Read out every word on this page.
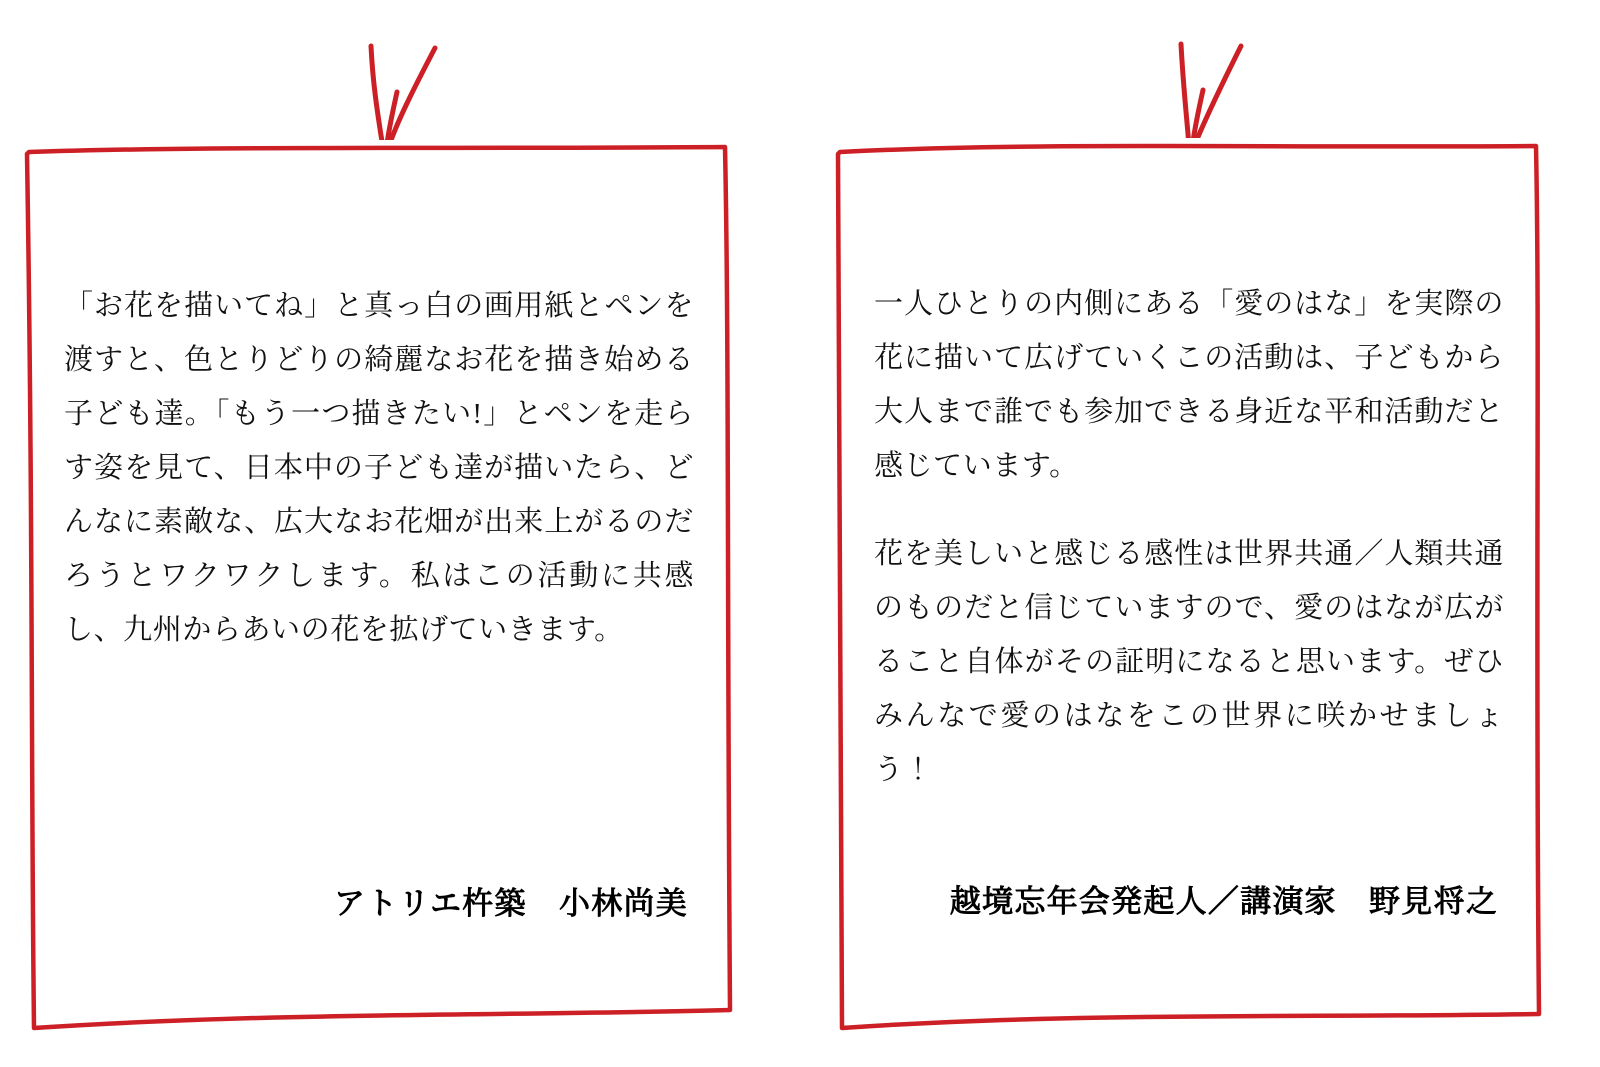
「お花を描いてね」と真っ白の画用紙とペンを渡すと、色とりどりの綺麗なお花を描き始める子ども達。「もう一つ描きたい!」とペンを走らす姿を見て、日本中の子ども達が描いたら、どんなに素敵な、広大なお花畑が出来上がるのだろうとワクワクします。私はこの活動に共感し、九州からあいの花を拡げていきます。

アトリエ杵築　小林尚美

一人ひとりの内側にある「愛のはな」を実際の花に描いて広げていくこの活動は、子どもから大人まで誰でも参加できる身近な平和活動だと感じています。

花を美しいと感じる感性は世界共通／人類共通のものだと信じていますので、愛のはなが広がること自体がその証明になると思います。ぜひみんなで愛のはなをこの世界に咲かせましょう！

越境忘年会発起人／講演家　野見将之
